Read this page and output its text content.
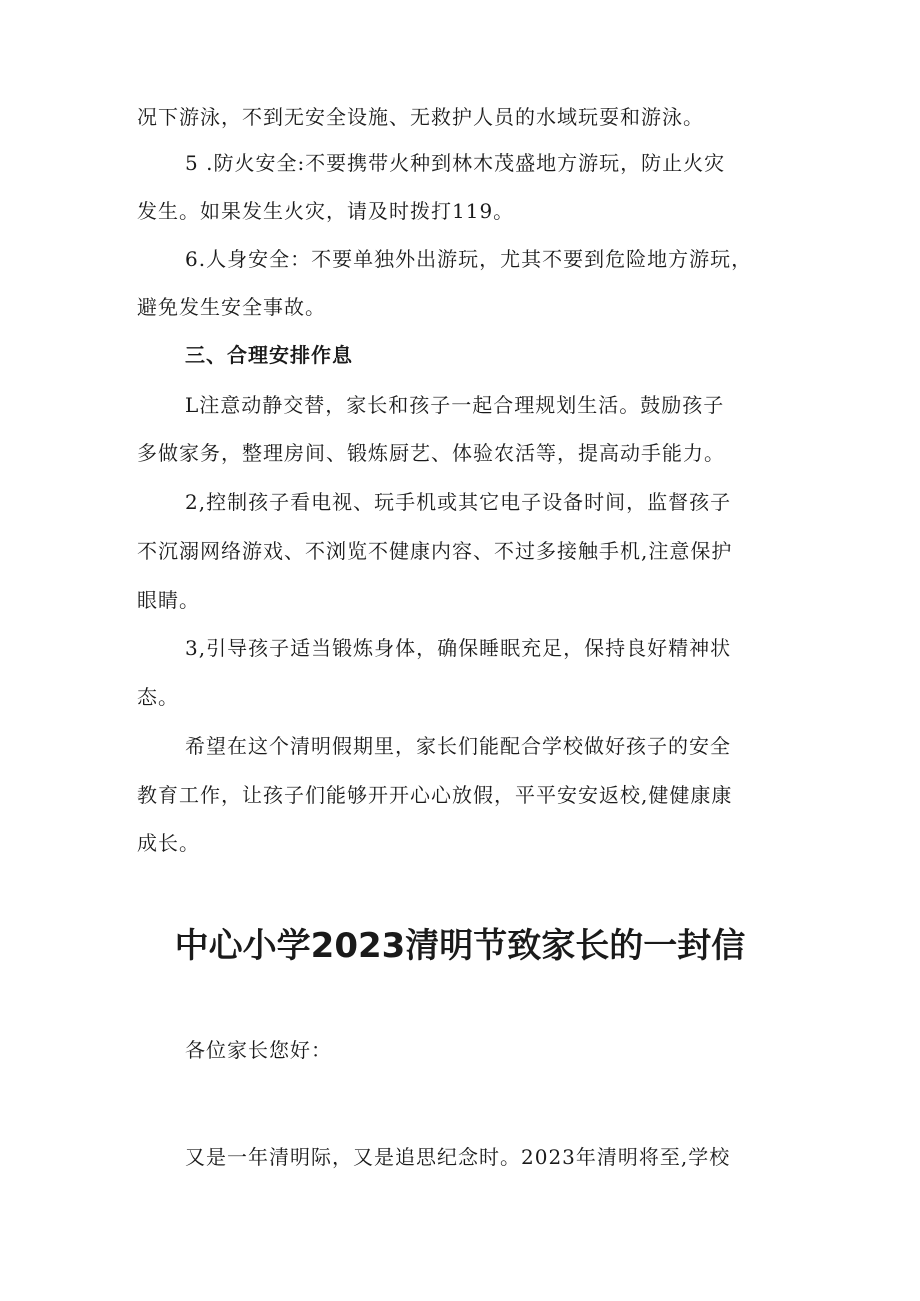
况下游泳，不到无安全设施、无救护人员的水域玩耍和游泳。

5 .防火安全:不要携带火种到林木茂盛地方游玩，防止火灾

发生。如果发生火灾，请及时拨打119。

6.人身安全：不要单独外出游玩，尤其不要到危险地方游玩，

避免发生安全事故。

三、合理安排作息

L注意动静交替，家长和孩子一起合理规划生活。鼓励孩子

多做家务，整理房间、锻炼厨艺、体验农活等，提高动手能力。

2,控制孩子看电视、玩手机或其它电子设备时间，监督孩子

不沉溺网络游戏、不浏览不健康内容、不过多接触手机,注意保护

眼睛。

3,引导孩子适当锻炼身体，确保睡眠充足，保持良好精神状

态。

希望在这个清明假期里，家长们能配合学校做好孩子的安全

教育工作，让孩子们能够开开心心放假，平平安安返校,健健康康

成长。

中心小学2023清明节致家长的一封信

各位家长您好：

又是一年清明际，又是追思纪念时。2023年清明将至,学校
